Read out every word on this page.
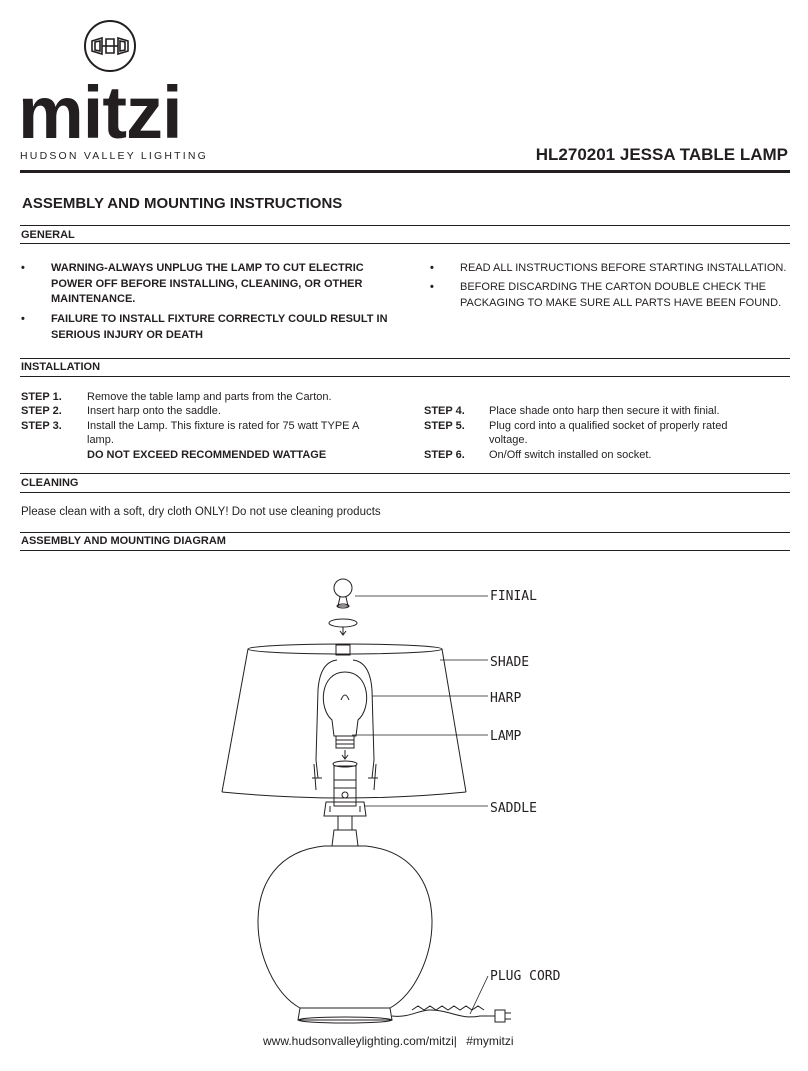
mitzi
HUDSON VALLEY LIGHTING	HL270201 JESSA TABLE LAMP
ASSEMBLY AND MOUNTING INSTRUCTIONS
GENERAL
•	WARNING-ALWAYS UNPLUG THE LAMP TO CUT ELECTRIC POWER OFF BEFORE INSTALLING, CLEANING, OR OTHER MAINTENANCE.
•	FAILURE TO INSTALL FIXTURE CORRECTLY COULD RESULT IN SERIOUS INJURY OR DEATH
•	READ ALL INSTRUCTIONS BEFORE STARTING INSTALLATION.
•	BEFORE DISCARDING THE CARTON DOUBLE CHECK THE PACKAGING TO MAKE SURE ALL PARTS HAVE BEEN FOUND.
INSTALLATION
STEP 1. Remove the table lamp and parts from the Carton.
STEP 2. Insert harp onto the saddle.
STEP 3. Install the Lamp. This fixture is rated for 75 watt TYPE A lamp.
DO NOT EXCEED RECOMMENDED WATTAGE
STEP 4. Place shade onto harp then secure it with finial.
STEP 5. Plug cord into a qualified socket of properly rated voltage.
STEP 6. On/Off switch installed on socket.
CLEANING
Please clean with a soft, dry cloth ONLY! Do not use cleaning products
ASSEMBLY AND MOUNTING DIAGRAM
FINIAL
SHADE
HARP
LAMP
SADDLE
PLUG CORD
www.hudsonvalleylighting.com/mitzi| #mymitzi
